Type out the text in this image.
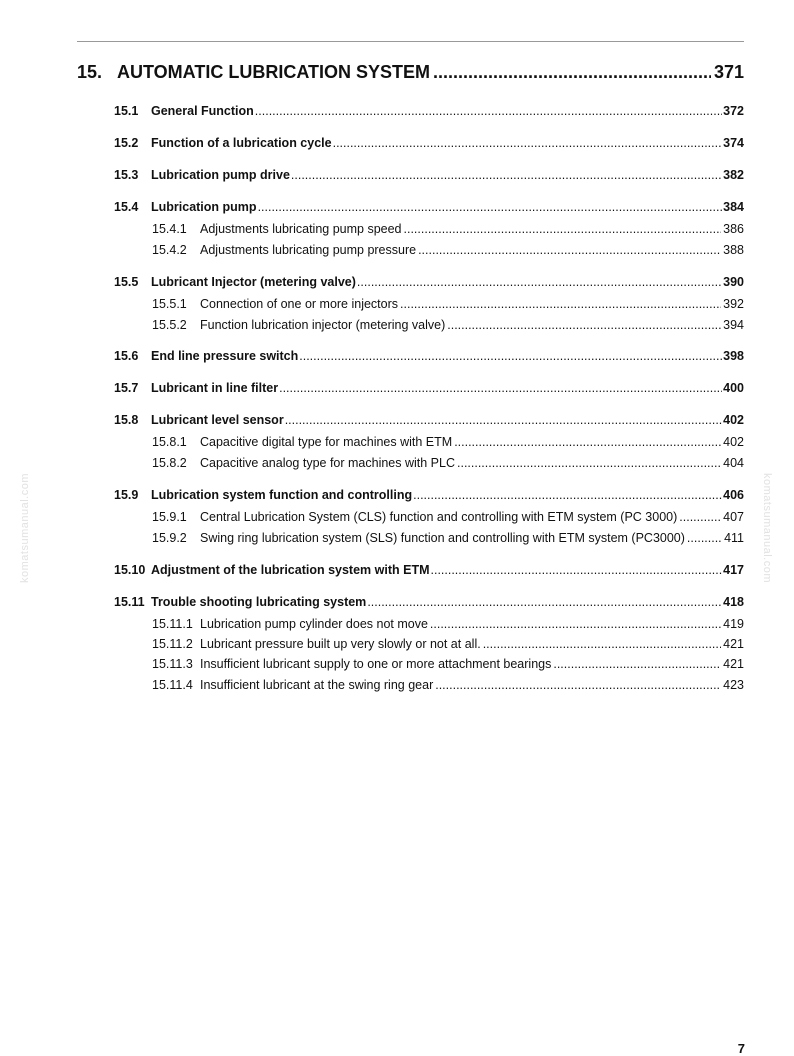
15. AUTOMATIC LUBRICATION SYSTEM .....	371
15.1	General Function .....	372
15.2	Function of a lubrication cycle .....	374
15.3	Lubrication pump drive .....	382
15.4	Lubrication pump .....	384
15.4.1	Adjustments lubricating pump speed .....	386
15.4.2	Adjustments lubricating pump pressure .....	388
15.5	Lubricant Injector (metering valve) .....	390
15.5.1	Connection of one or more injectors .....	392
15.5.2	Function lubrication injector (metering valve) .....	394
15.6	End line pressure switch .....	398
15.7	Lubricant in line filter .....	400
15.8	Lubricant level sensor .....	402
15.8.1	Capacitive digital type for machines with ETM .....	402
15.8.2	Capacitive analog type for machines with PLC .....	404
15.9	Lubrication system function and controlling .....	406
15.9.1	Central Lubrication System (CLS) function and controlling with ETM system (PC 3000) .....	407
15.9.2	Swing ring lubrication system (SLS) function and controlling with ETM system (PC3000) .....	411
15.10 Adjustment of the lubrication system with ETM .....	417
15.11 Trouble shooting lubricating system .....	418
15.11.1 Lubrication pump cylinder does not move .....	419
15.11.2 Lubricant pressure built up very slowly or not at all. .....	421
15.11.3 Insufficient lubricant supply to one or more attachment bearings .....	421
15.11.4 Insufficient lubricant at the swing ring gear .....	423
komatsumanual.com	komatsumanual.com
7
